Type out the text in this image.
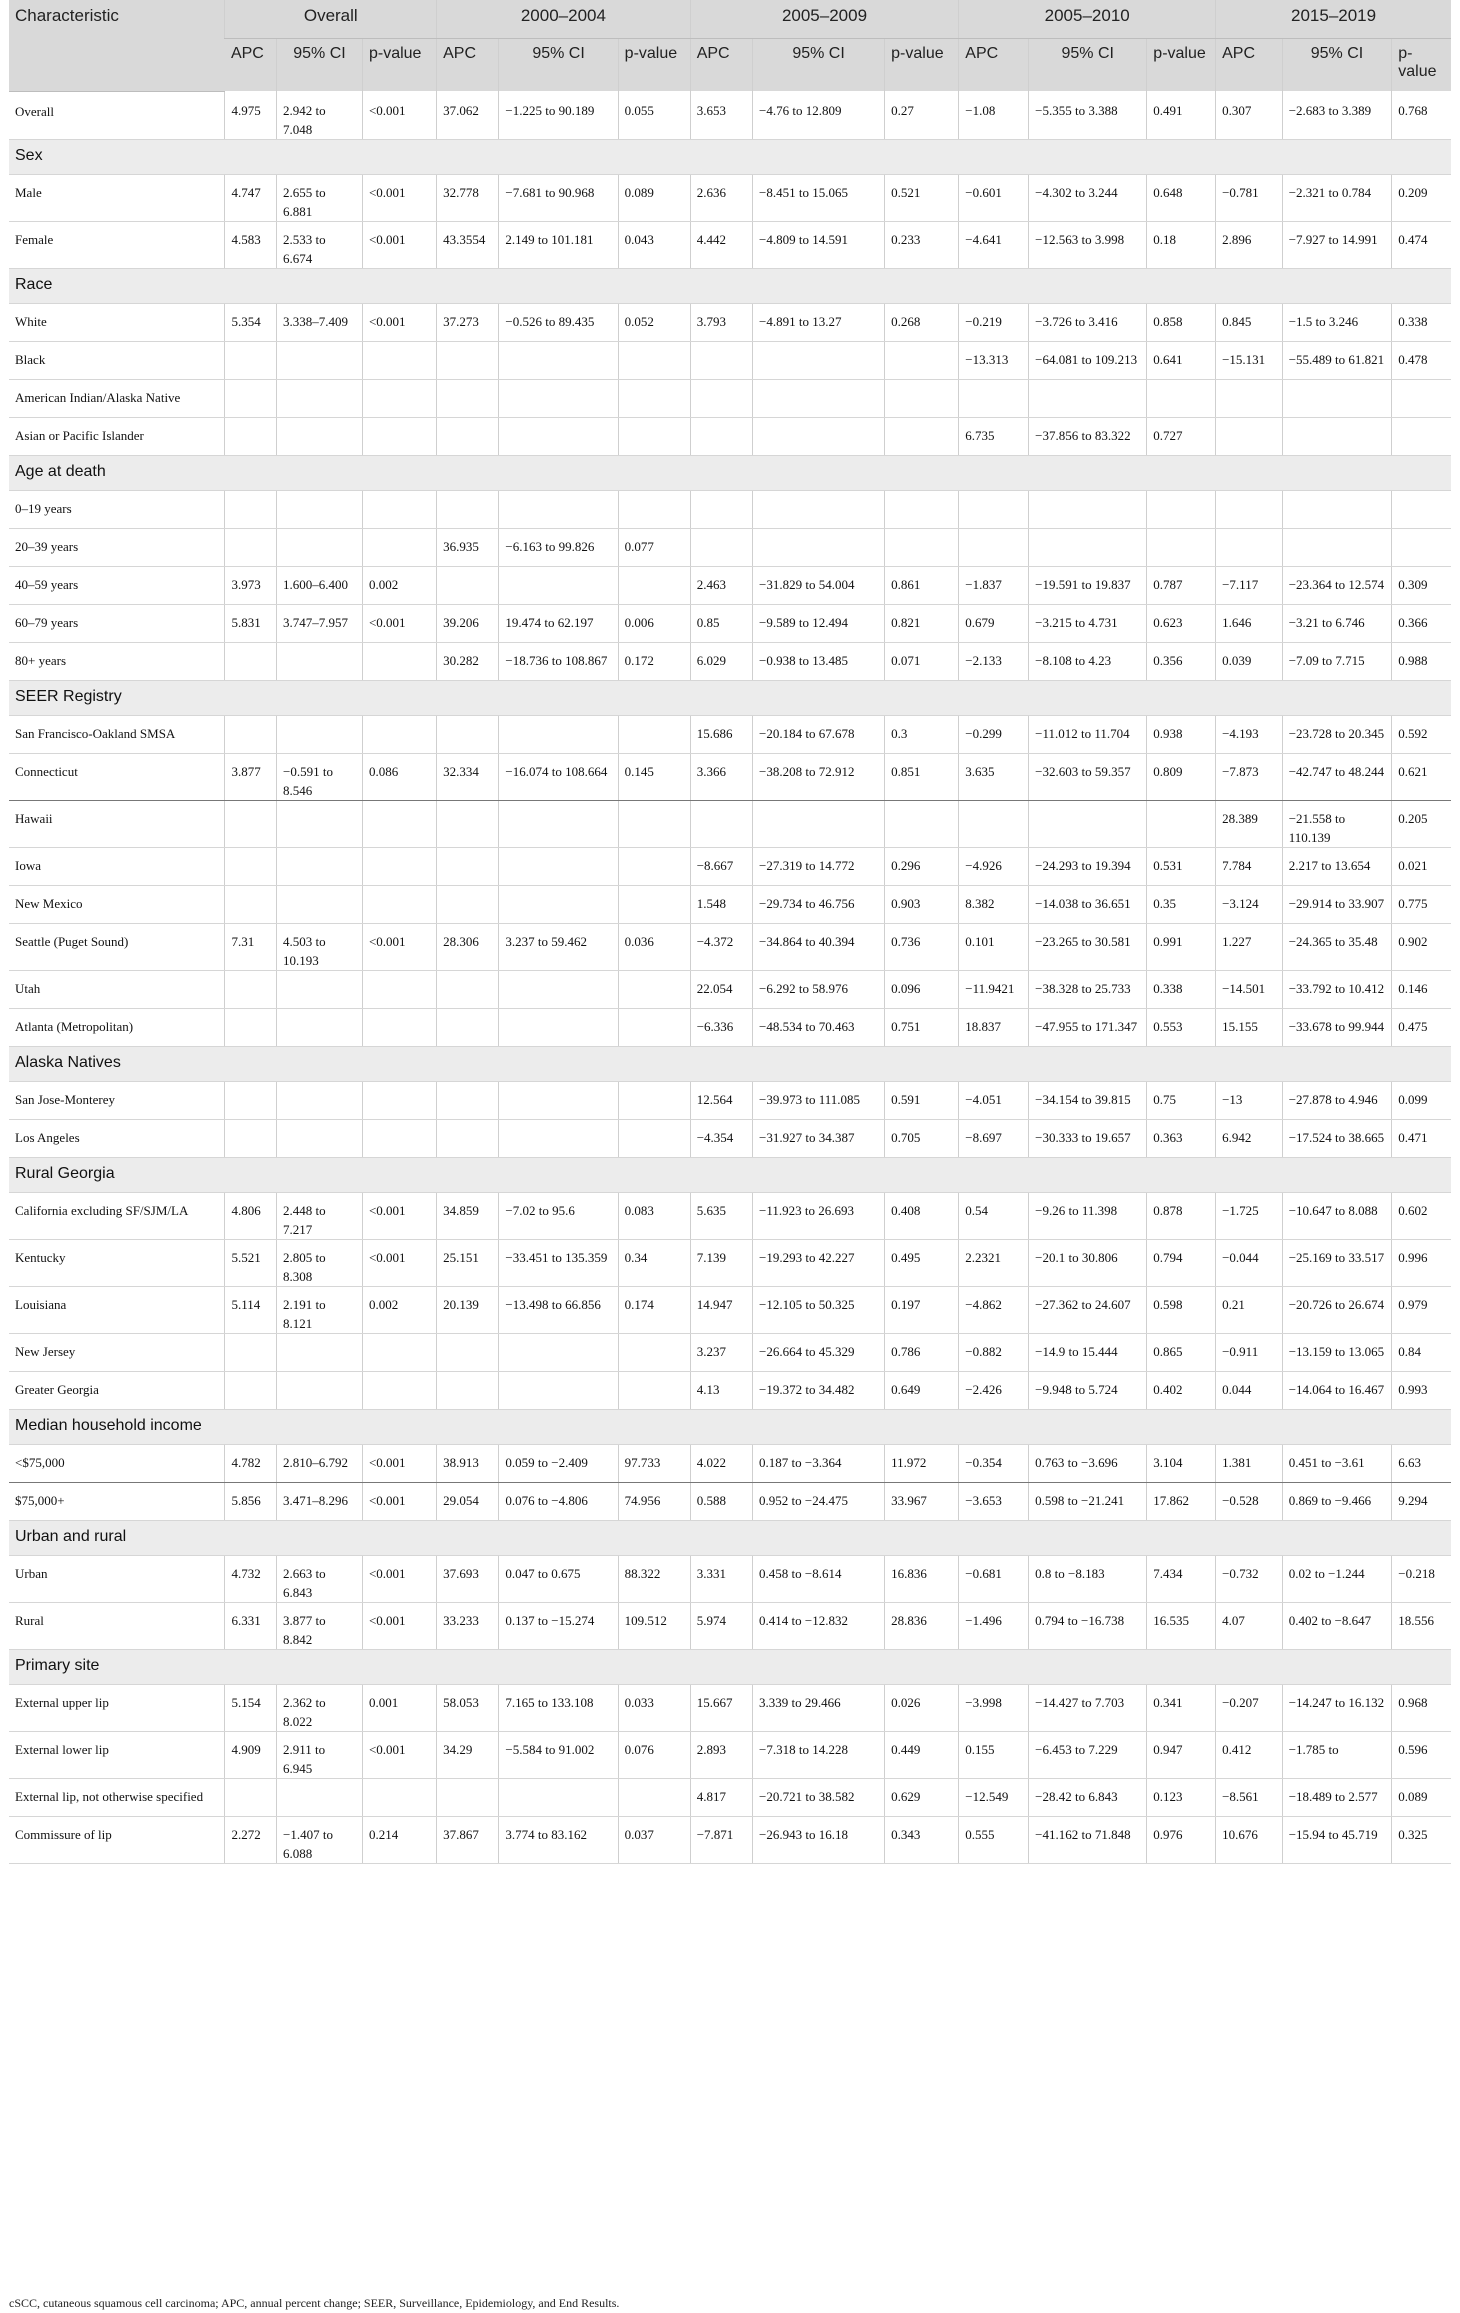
Characteristic	Overall			2000–2004			2005–2009			2005–2010			2015–2019		
	APC	95% CI	p-value	APC	95% CI	p-value	APC	95% CI	p-value	APC	95% CI	p-value	APC	95% CI	p-value
Overall	4.975	2.942 to 7.048	<0.001	37.062	−1.225 to 90.189	0.055	3.653	−4.76 to 12.809	0.27	−1.08	−5.355 to 3.388	0.491	0.307	−2.683 to 3.389	0.768
Sex															
Male	4.747	2.655 to 6.881	<0.001	32.778	−7.681 to 90.968	0.089	2.636	−8.451 to 15.065	0.521	−0.601	−4.302 to 3.244	0.648	−0.781	−2.321 to 0.784	0.209
Female	4.583	2.533 to 6.674	<0.001	43.3554	2.149 to 101.181	0.043	4.442	−4.809 to 14.591	0.233	−4.641	−12.563 to 3.998	0.18	2.896	−7.927 to 14.991	0.474
Race															
White	5.354	3.338–7.409	<0.001	37.273	−0.526 to 89.435	0.052	3.793	−4.891 to 13.27	0.268	−0.219	−3.726 to 3.416	0.858	0.845	−1.5 to 3.246	0.338
Black										−13.313	−64.081 to 109.213	0.641	−15.131	−55.489 to 61.821	0.478
American Indian/Alaska Native															
Asian or Pacific Islander										6.735	−37.856 to 83.322	0.727			
Age at death															
0–19 years															
20–39 years				36.935	−6.163 to 99.826	0.077									
40–59 years	3.973	1.600–6.400	0.002				2.463	−31.829 to 54.004	0.861	−1.837	−19.591 to 19.837	0.787	−7.117	−23.364 to 12.574	0.309
60–79 years	5.831	3.747–7.957	<0.001	39.206	19.474 to 62.197	0.006	0.85	−9.589 to 12.494	0.821	0.679	−3.215 to 4.731	0.623	1.646	−3.21 to 6.746	0.366
80+ years				30.282	−18.736 to 108.867	0.172	6.029	−0.938 to 13.485	0.071	−2.133	−8.108 to 4.23	0.356	0.039	−7.09 to 7.715	0.988
SEER Registry															
San Francisco-Oakland SMSA							15.686	−20.184 to 67.678	0.3	−0.299	−11.012 to 11.704	0.938	−4.193	−23.728 to 20.345	0.592
Connecticut	3.877	−0.591 to 8.546	0.086	32.334	−16.074 to 108.664	0.145	3.366	−38.208 to 72.912	0.851	3.635	−32.603 to 59.357	0.809	−7.873	−42.747 to 48.244	0.621
Hawaii													28.389	−21.558 to 110.139	0.205
Iowa							−8.667	−27.319 to 14.772	0.296	−4.926	−24.293 to 19.394	0.531	7.784	2.217 to 13.654	0.021
New Mexico							1.548	−29.734 to 46.756	0.903	8.382	−14.038 to 36.651	0.35	−3.124	−29.914 to 33.907	0.775
Seattle (Puget Sound)	7.31	4.503 to 10.193	<0.001	28.306	3.237 to 59.462	0.036	−4.372	−34.864 to 40.394	0.736	0.101	−23.265 to 30.581	0.991	1.227	−24.365 to 35.48	0.902
Utah							22.054	−6.292 to 58.976	0.096	−11.9421	−38.328 to 25.733	0.338	−14.501	−33.792 to 10.412	0.146
Atlanta (Metropolitan)							−6.336	−48.534 to 70.463	0.751	18.837	−47.955 to 171.347	0.553	15.155	−33.678 to 99.944	0.475
Alaska Natives															
San Jose-Monterey							12.564	−39.973 to 111.085	0.591	−4.051	−34.154 to 39.815	0.75	−13	−27.878 to 4.946	0.099
Los Angeles							−4.354	−31.927 to 34.387	0.705	−8.697	−30.333 to 19.657	0.363	6.942	−17.524 to 38.665	0.471
Rural Georgia															
California excluding SF/SJM/LA	4.806	2.448 to 7.217	<0.001	34.859	−7.02 to 95.6	0.083	5.635	−11.923 to 26.693	0.408	0.54	−9.26 to 11.398	0.878	−1.725	−10.647 to 8.088	0.602
Kentucky	5.521	2.805 to 8.308	<0.001	25.151	−33.451 to 135.359	0.34	7.139	−19.293 to 42.227	0.495	2.2321	−20.1 to 30.806	0.794	−0.044	−25.169 to 33.517	0.996
Louisiana	5.114	2.191 to 8.121	0.002	20.139	−13.498 to 66.856	0.174	14.947	−12.105 to 50.325	0.197	−4.862	−27.362 to 24.607	0.598	0.21	−20.726 to 26.674	0.979
New Jersey							3.237	−26.664 to 45.329	0.786	−0.882	−14.9 to 15.444	0.865	−0.911	−13.159 to 13.065	0.84
Greater Georgia							4.13	−19.372 to 34.482	0.649	−2.426	−9.948 to 5.724	0.402	0.044	−14.064 to 16.467	0.993
Median household income															
<$75,000	4.782	2.810–6.792	<0.001	38.913	0.059 to −2.409	97.733	4.022	0.187 to −3.364	11.972	−0.354	0.763 to −3.696	3.104	1.381	0.451 to −3.61	6.63
$75,000+	5.856	3.471–8.296	<0.001	29.054	0.076 to −4.806	74.956	0.588	0.952 to −24.475	33.967	−3.653	0.598 to −21.241	17.862	−0.528	0.869 to −9.466	9.294
Urban and rural															
Urban	4.732	2.663 to 6.843	<0.001	37.693	0.047 to 0.675	88.322	3.331	0.458 to −8.614	16.836	−0.681	0.8 to −8.183	7.434	−0.732	0.02 to −1.244	−0.218
Rural	6.331	3.877 to 8.842	<0.001	33.233	0.137 to −15.274	109.512	5.974	0.414 to −12.832	28.836	−1.496	0.794 to −16.738	16.535	4.07	0.402 to −8.647	18.556
Primary site															
External upper lip	5.154	2.362 to 8.022	0.001	58.053	7.165 to 133.108	0.033	15.667	3.339 to 29.466	0.026	−3.998	−14.427 to 7.703	0.341	−0.207	−14.247 to 16.132	0.968
External lower lip	4.909	2.911 to 6.945	<0.001	34.29	−5.584 to 91.002	0.076	2.893	−7.318 to 14.228	0.449	0.155	−6.453 to 7.229	0.947	0.412	−1.785 to	0.596
External lip, not otherwise specified							4.817	−20.721 to 38.582	0.629	−12.549	−28.42 to 6.843	0.123	−8.561	−18.489 to 2.577	0.089
Commissure of lip	2.272	−1.407 to 6.088	0.214	37.867	3.774 to 83.162	0.037	−7.871	−26.943 to 16.18	0.343	0.555	−41.162 to 71.848	0.976	10.676	−15.94 to 45.719	0.325
cSCC, cutaneous squamous cell carcinoma; APC, annual percent change; SEER, Surveillance, Epidemiology, and End Results.
